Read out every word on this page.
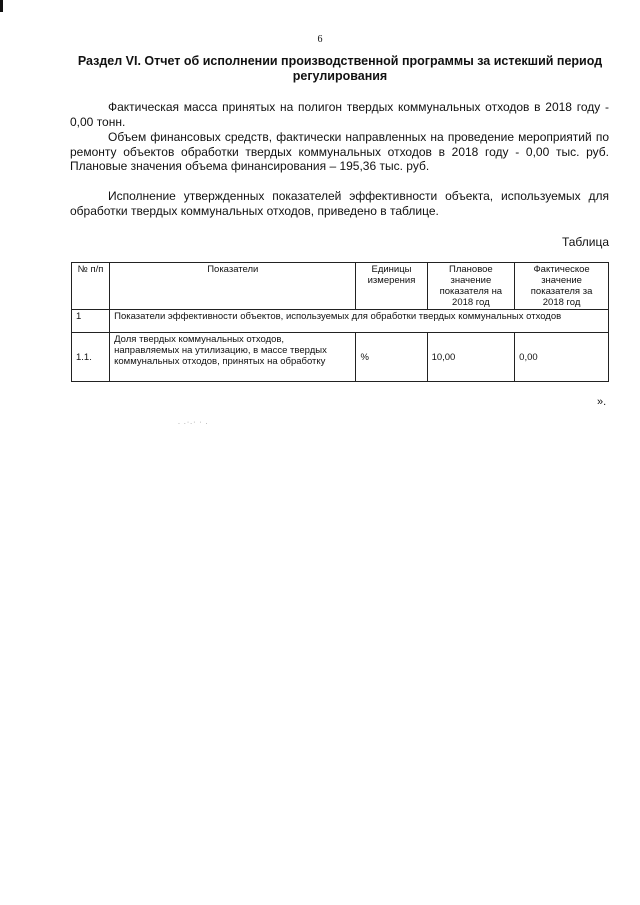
6
Раздел VI. Отчет об исполнении производственной программы за истекший период регулирования

Фактическая масса принятых на полигон твердых коммунальных отходов в 2018 году - 0,00 тонн.

Объем финансовых средств, фактически направленных на проведение мероприятий по ремонту объектов обработки твердых коммунальных отходов в 2018 году - 0,00 тыс. руб. Плановые значения объема финансирования – 195,36 тыс. руб.

Исполнение утвержденных показателей эффективности объекта, используемых для обработки твердых коммунальных отходов, приведено в таблице.

Таблица
№ п/п	Показатели	Единицы измерения	Плановое значение показателя на 2018 год	Фактическое значение показателя за 2018 год
1	Показатели эффективности объектов, используемых для обработки твердых коммунальных отходов			
1.1.	Доля твердых коммунальных отходов, направляемых на утилизацию, в массе твердых коммунальных отходов, принятых на обработку	%	10,00	0,00
».
. .·.· · .
